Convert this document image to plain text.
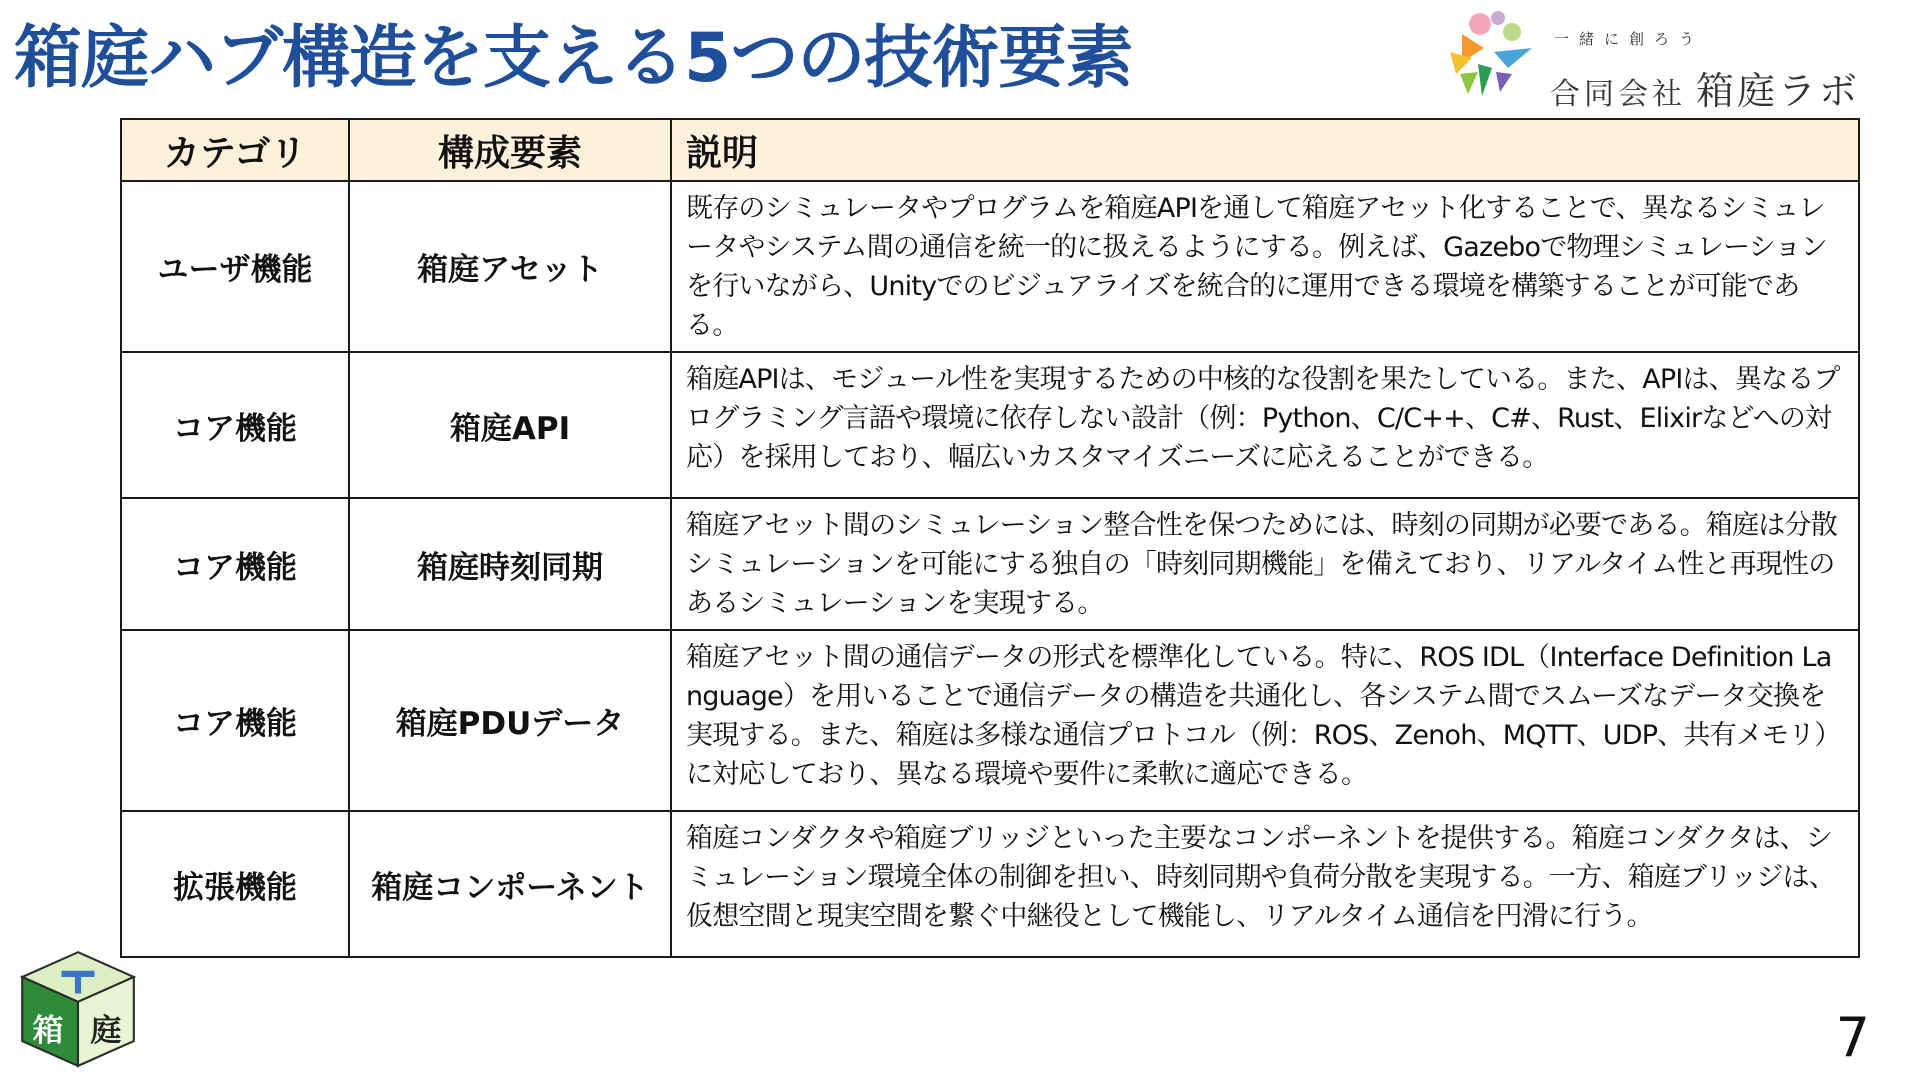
箱庭ハブ構造を支える5つの技術要素	一緒に創ろう
合同会社 箱庭ラボ
カテゴリ	構成要素	説明
ユーザ機能	箱庭アセット	既存のシミュレータやプログラムを箱庭APIを通して箱庭アセット化することで、異なるシミュレータやシステム間の通信を統一的に扱えるようにする。例えば、Gazeboで物理シミュレーションを行いながら、Unityでのビジュアライズを統合的に運用できる環境を構築することが可能である。
コア機能	箱庭API	箱庭APIは、モジュール性を実現するための中核的な役割を果たしている。また、APIは、異なるプログラミング言語や環境に依存しない設計（例：Python、C/C++、C#、Rust、Elixirなどへの対応）を採用しており、幅広いカスタマイズニーズに応えることができる。
コア機能	箱庭時刻同期	箱庭アセット間のシミュレーション整合性を保つためには、時刻の同期が必要である。箱庭は分散シミュレーションを可能にする独自の「時刻同期機能」を備えており、リアルタイム性と再現性のあるシミュレーションを実現する。
コア機能	箱庭PDUデータ	箱庭アセット間の通信データの形式を標準化している。特に、ROS IDL（Interface Definition Language）を用いることで通信データの構造を共通化し、各システム間でスムーズなデータ交換を実現する。また、箱庭は多様な通信プロトコル（例：ROS、Zenoh、MQTT、UDP、共有メモリ）に対応しており、異なる環境や要件に柔軟に適応できる。
拡張機能	箱庭コンポーネント	箱庭コンダクタや箱庭ブリッジといった主要なコンポーネントを提供する。箱庭コンダクタは、シミュレーション環境全体の制御を担い、時刻同期や負荷分散を実現する。一方、箱庭ブリッジは、仮想空間と現実空間を繋ぐ中継役として機能し、リアルタイム通信を円滑に行う。
箱 庭	7
